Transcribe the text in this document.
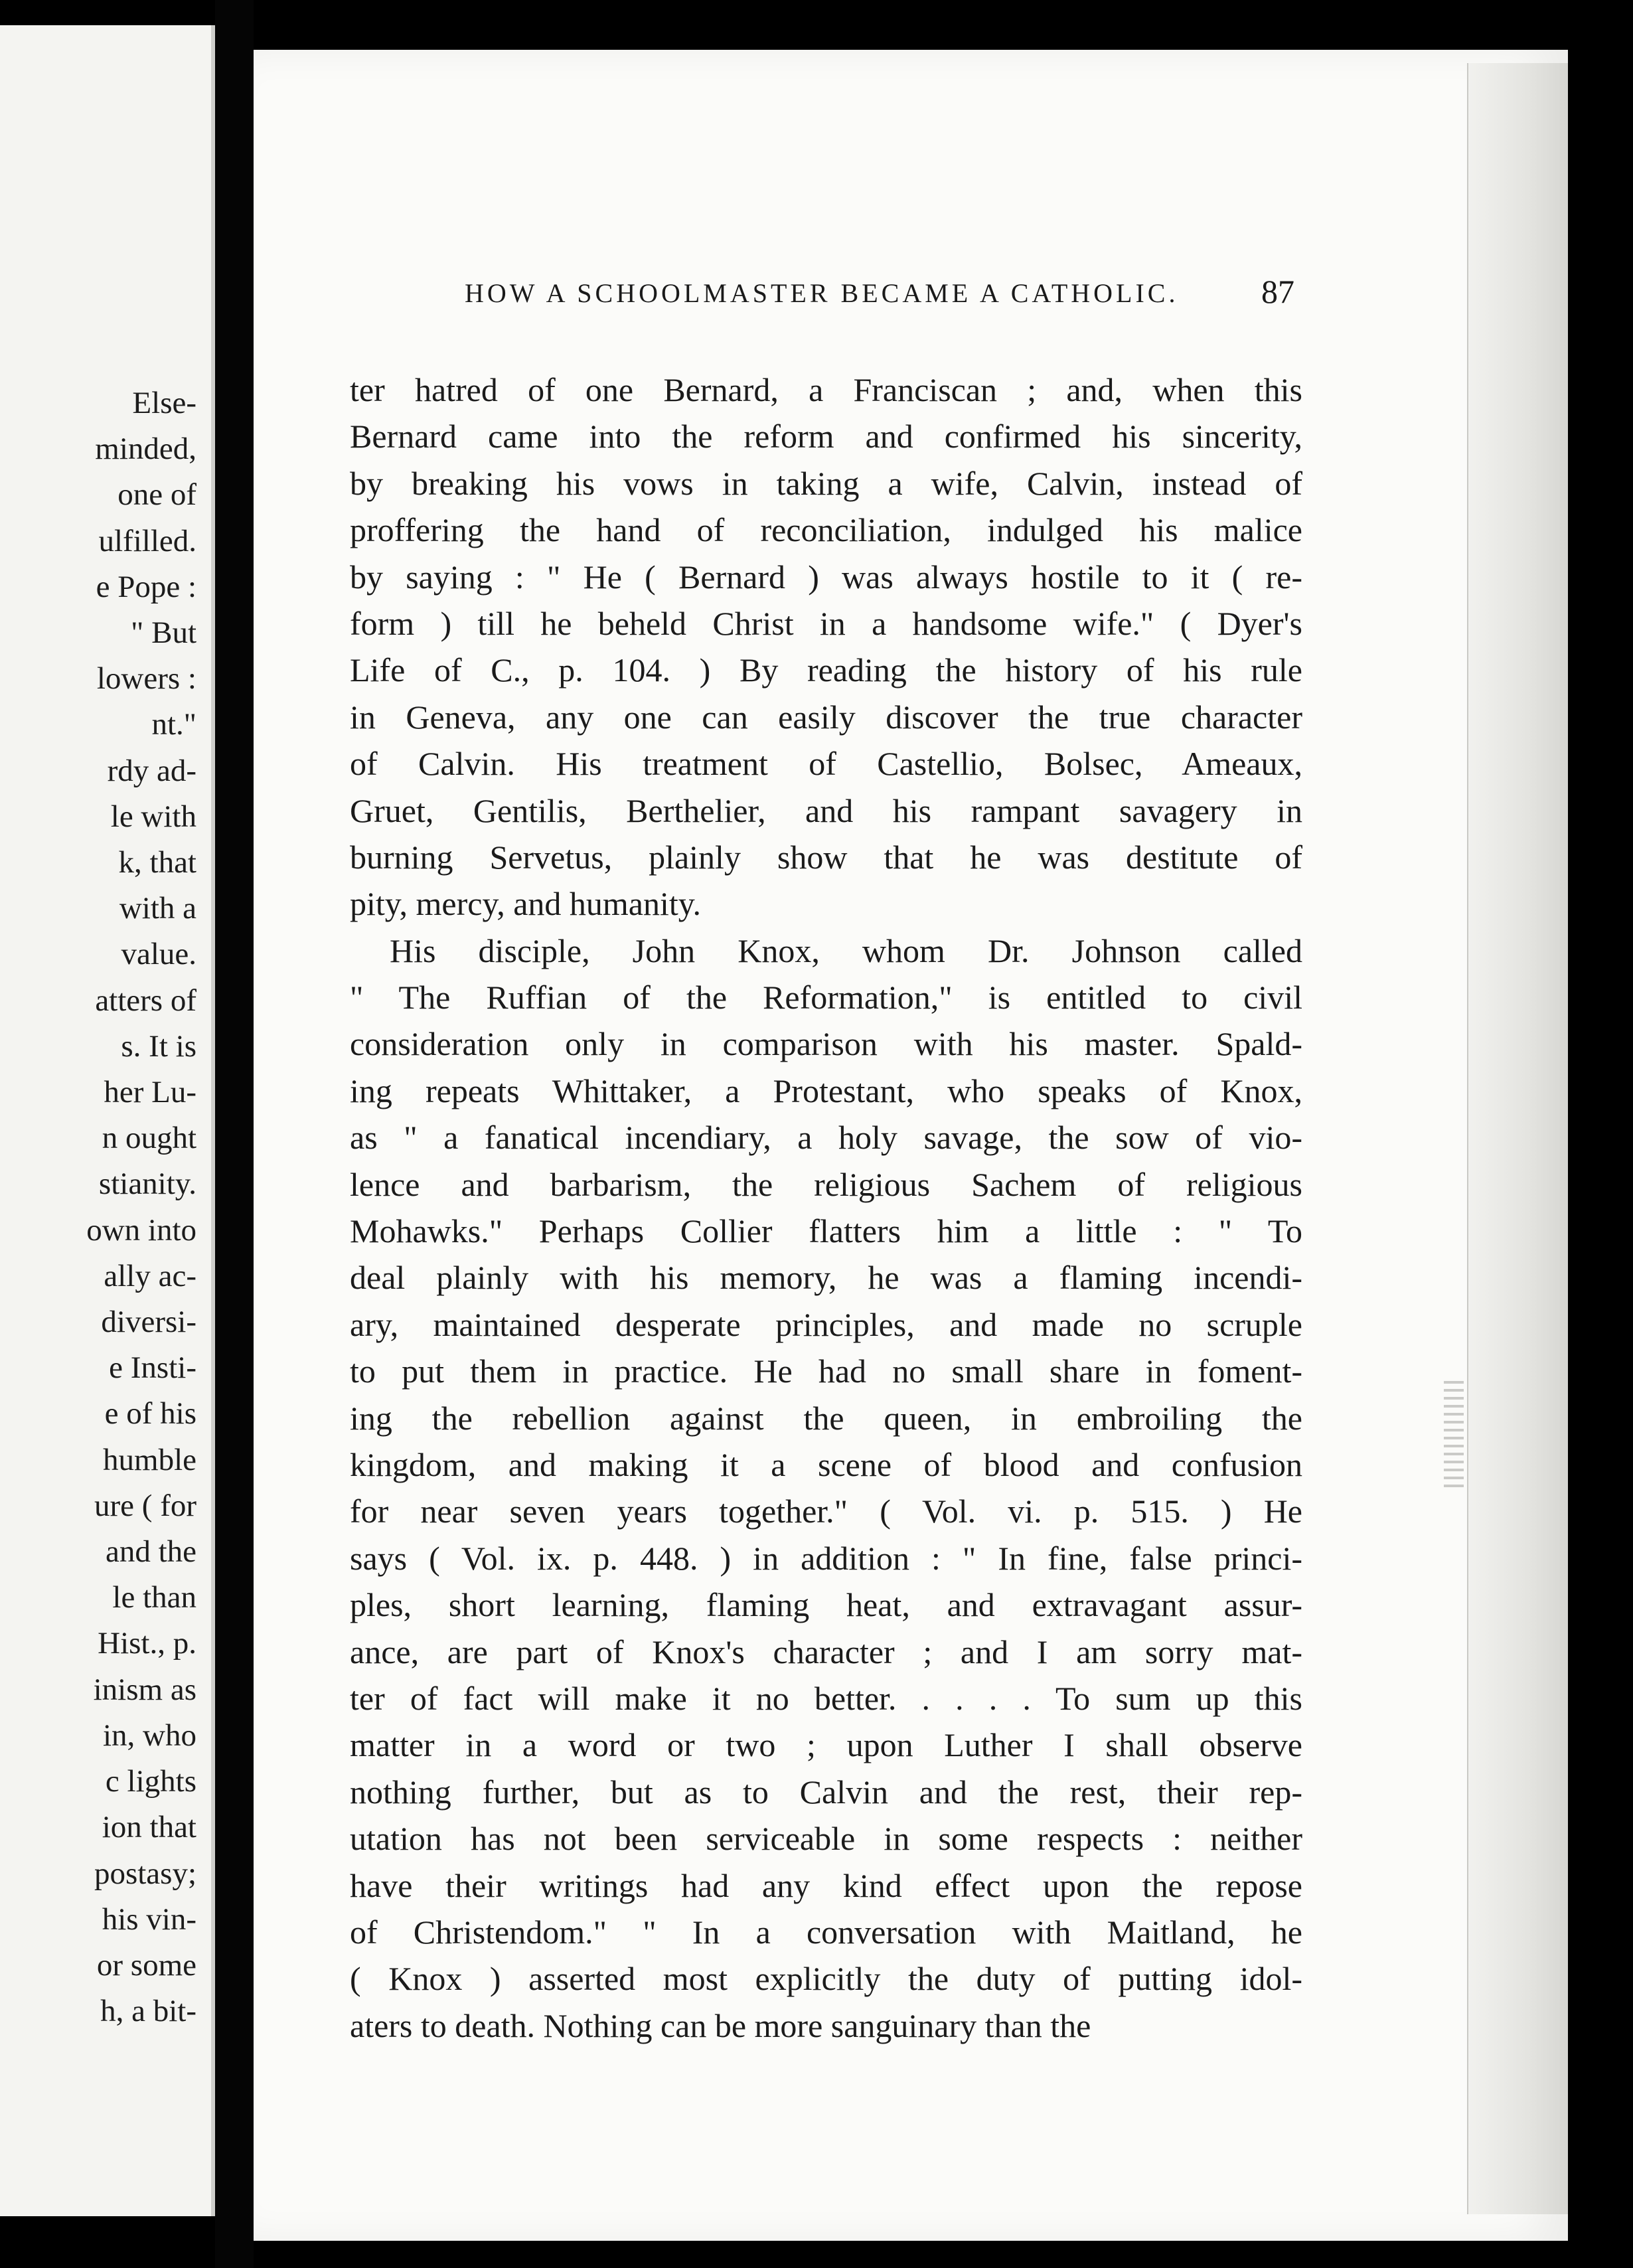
Else-
minded,
one of
ulfilled.
e Pope :
" But
lowers :
nt."
rdy ad-
le with
k, that
with a
value.
atters of
s. It is
her Lu-
n ought
stianity.
own into
ally ac-
diversi-
e Insti-
e of his
humble
ure ( for
and the
le than
Hist., p.
inism as
in, who
c lights
ion that
postasy;
his vin-
or some
h, a bit-
HOW A SCHOOLMASTER BECAME A CATHOLIC. 87
ter hatred of one Bernard, a Franciscan ; and, when this
Bernard came into the reform and confirmed his sincerity,
by breaking his vows in taking a wife, Calvin, instead of
proffering the hand of reconciliation, indulged his malice
by saying : " He ( Bernard ) was always hostile to it ( re-
form ) till he beheld Christ in a handsome wife." ( Dyer's
Life of C., p. 104. ) By reading the history of his rule
in Geneva, any one can easily discover the true character
of Calvin. His treatment of Castellio, Bolsec, Ameaux,
Gruet, Gentilis, Berthelier, and his rampant savagery in
burning Servetus, plainly show that he was destitute of
pity, mercy, and humanity.
His disciple, John Knox, whom Dr. Johnson called
" The Ruffian of the Reformation," is entitled to civil
consideration only in comparison with his master. Spald-
ing repeats Whittaker, a Protestant, who speaks of Knox,
as " a fanatical incendiary, a holy savage, the sow of vio-
lence and barbarism, the religious Sachem of religious
Mohawks." Perhaps Collier flatters him a little : " To
deal plainly with his memory, he was a flaming incendi-
ary, maintained desperate principles, and made no scruple
to put them in practice. He had no small share in foment-
ing the rebellion against the queen, in embroiling the
kingdom, and making it a scene of blood and confusion
for near seven years together." ( Vol. vi. p. 515. ) He
says ( Vol. ix. p. 448. ) in addition : " In fine, false princi-
ples, short learning, flaming heat, and extravagant assur-
ance, are part of Knox's character ; and I am sorry mat-
ter of fact will make it no better. . . . . To sum up this
matter in a word or two ; upon Luther I shall observe
nothing further, but as to Calvin and the rest, their rep-
utation has not been serviceable in some respects : neither
have their writings had any kind effect upon the repose
of Christendom." " In a conversation with Maitland, he
( Knox ) asserted most explicitly the duty of putting idol-
aters to death. Nothing can be more sanguinary than the
